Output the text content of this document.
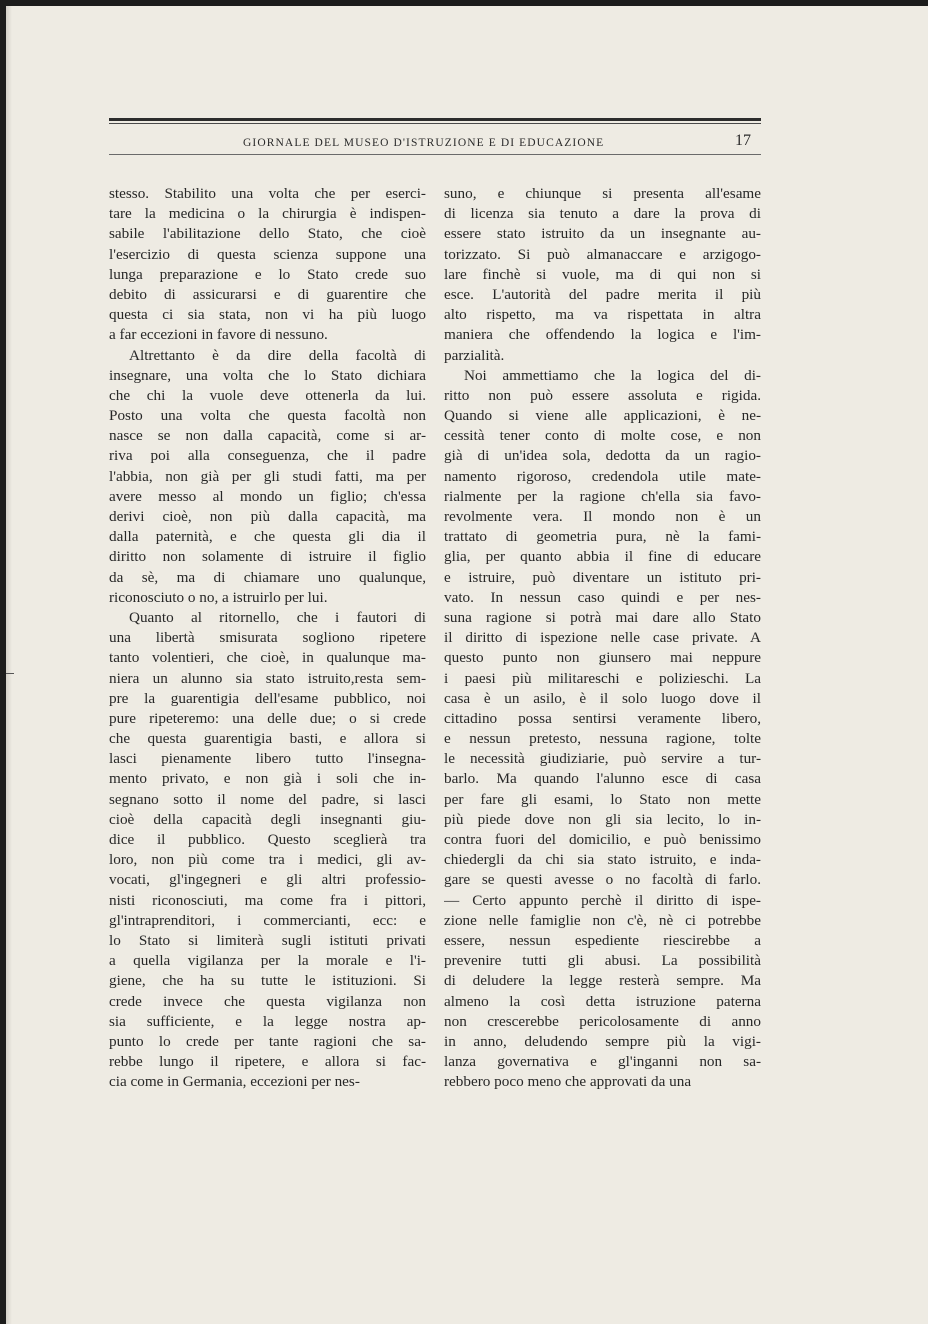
GIORNALE DEL MUSEO D'ISTRUZIONE E DI EDUCAZIONE	17
stesso. Stabilito una volta che per eserci-
tare la medicina o la chirurgia è indispen-
sabile l'abilitazione dello Stato, che cioè
l'esercizio di questa scienza suppone una
lunga preparazione e lo Stato crede suo
debito di assicurarsi e di guarentire che
questa ci sia stata, non vi ha più luogo
a far eccezioni in favore di nessuno.
Altrettanto è da dire della facoltà di
insegnare, una volta che lo Stato dichiara
che chi la vuole deve ottenerla da lui.
Posto una volta che questa facoltà non
nasce se non dalla capacità, come si ar-
riva poi alla conseguenza, che il padre
l'abbia, non già per gli studi fatti, ma per
avere messo al mondo un figlio; ch'essa
derivi cioè, non più dalla capacità, ma
dalla paternità, e che questa gli dia il
diritto non solamente di istruire il figlio
da sè, ma di chiamare uno qualunque,
riconosciuto o no, a istruirlo per lui.
Quanto al ritornello, che i fautori di
una libertà smisurata sogliono ripetere
tanto volentieri, che cioè, in qualunque ma-
niera un alunno sia stato istruito,resta sem-
pre la guarentigia dell'esame pubblico, noi
pure ripeteremo: una delle due; o si crede
che questa guarentigia basti, e allora si
lasci pienamente libero tutto l'insegna-
mento privato, e non già i soli che in-
segnano sotto il nome del padre, si lasci
cioè della capacità degli insegnanti giu-
dice il pubblico. Questo sceglierà tra
loro, non più come tra i medici, gli av-
vocati, gl'ingegneri e gli altri professio-
nisti riconosciuti, ma come fra i pittori,
gl'intraprenditori, i commercianti, ecc: e
lo Stato si limiterà sugli istituti privati
a quella vigilanza per la morale e l'i-
giene, che ha su tutte le istituzioni. Si
crede invece che questa vigilanza non
sia sufficiente, e la legge nostra ap-
punto lo crede per tante ragioni che sa-
rebbe lungo il ripetere, e allora si fac-
cia come in Germania, eccezioni per nes-
suno, e chiunque si presenta all'esame
di licenza sia tenuto a dare la prova di
essere stato istruito da un insegnante au-
torizzato. Si può almanaccare e arzigogo-
lare finchè si vuole, ma di qui non si
esce. L'autorità del padre merita il più
alto rispetto, ma va rispettata in altra
maniera che offendendo la logica e l'im-
parzialità.
Noi ammettiamo che la logica del di-
ritto non può essere assoluta e rigida.
Quando si viene alle applicazioni, è ne-
cessità tener conto di molte cose, e non
già di un'idea sola, dedotta da un ragio-
namento rigoroso, credendola utile mate-
rialmente per la ragione ch'ella sia favo-
revolmente vera. Il mondo non è un
trattato di geometria pura, nè la fami-
glia, per quanto abbia il fine di educare
e istruire, può diventare un istituto pri-
vato. In nessun caso quindi e per nes-
suna ragione si potrà mai dare allo Stato
il diritto di ispezione nelle case private. A
questo punto non giunsero mai neppure
i paesi più militareschi e polizieschi. La
casa è un asilo, è il solo luogo dove il
cittadino possa sentirsi veramente libero,
e nessun pretesto, nessuna ragione, tolte
le necessità giudiziarie, può servire a tur-
barlo. Ma quando l'alunno esce di casa
per fare gli esami, lo Stato non mette
più piede dove non gli sia lecito, lo in-
contra fuori del domicilio, e può benissimo
chiedergli da chi sia stato istruito, e inda-
gare se questi avesse o no facoltà di farlo.
— Certo appunto perchè il diritto di ispe-
zione nelle famiglie non c'è, nè ci potrebbe
essere, nessun espediente riescirebbe a
prevenire tutti gli abusi. La possibilità
di deludere la legge resterà sempre. Ma
almeno la così detta istruzione paterna
non crescerebbe pericolosamente di anno
in anno, deludendo sempre più la vigi-
lanza governativa e gl'inganni non sa-
rebbero poco meno che approvati da una
